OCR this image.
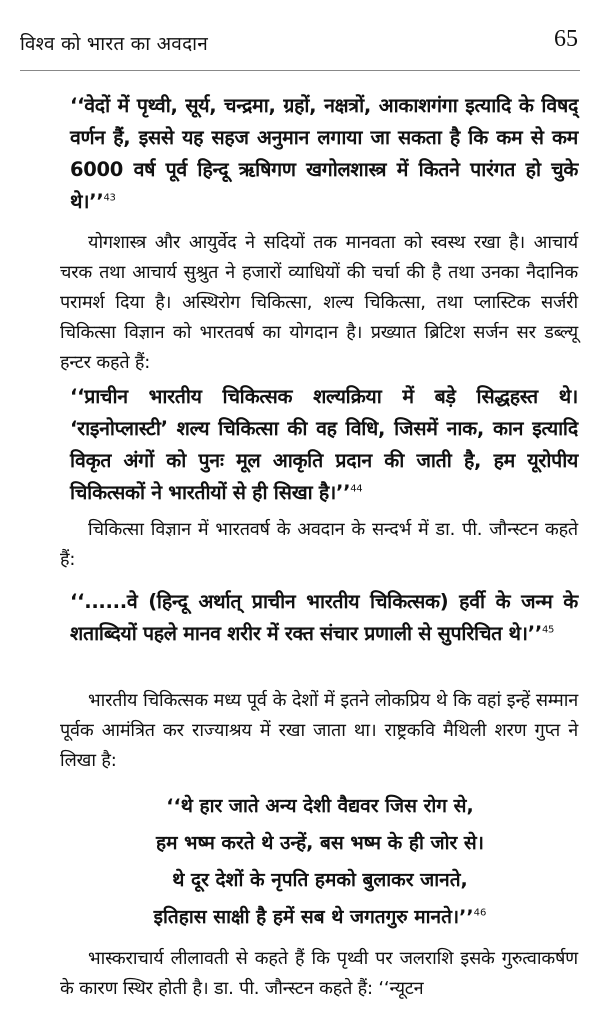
विश्व को भारत का अवदान	65

‘‘वेदों में पृथ्वी, सूर्य, चन्द्रमा, ग्रहों, नक्षत्रों, आकाशगंगा इत्यादि के विषद् वर्णन हैं, इससे यह सहज अनुमान लगाया जा सकता है कि कम से कम 6000 वर्ष पूर्व हिन्दू ऋषिगण खगोलशास्त्र में कितने पारंगत हो चुके थे।’’$^{43}$

योगशास्त्र और आयुर्वेद ने सदियों तक मानवता को स्वस्थ रखा है। आचार्य चरक तथा आचार्य सुश्रुत ने हजारों व्याधियों की चर्चा की है तथा उनका नैदानिक परामर्श दिया है। अस्थिरोग चिकित्सा, शल्य चिकित्सा, तथा प्लास्टिक सर्जरी चिकित्सा विज्ञान को भारतवर्ष का योगदान है। प्रख्यात ब्रिटिश सर्जन सर डब्ल्यू हन्टर कहते हैं:

‘‘प्राचीन भारतीय चिकित्सक शल्यक्रिया में बड़े सिद्धहस्त थे। ‘राइनोप्लास्टी’ शल्य चिकित्सा की वह विधि, जिसमें नाक, कान इत्यादि विकृत अंगों को पुनः मूल आकृति प्रदान की जाती है, हम यूरोपीय चिकित्सकों ने भारतीयों से ही सिखा है।’’$^{44}$

चिकित्सा विज्ञान में भारतवर्ष के अवदान के सन्दर्भ में डा. पी. जौन्स्टन कहते हैं:

‘‘......वे (हिन्दू अर्थात् प्राचीन भारतीय चिकित्सक) हर्वी के जन्म के शताब्दियों पहले मानव शरीर में रक्त संचार प्रणाली से सुपरिचित थे।’’$^{45}$

भारतीय चिकित्सक मध्य पूर्व के देशों में इतने लोकप्रिय थे कि वहां इन्हें सम्मान पूर्वक आमंत्रित कर राज्याश्रय में रखा जाता था। राष्ट्रकवि मैथिली शरण गुप्त ने लिखा है:

‘‘थे हार जाते अन्य देशी वैद्यवर जिस रोग से,
हम भष्म करते थे उन्हें, बस भष्म के ही जोर से।
थे दूर देशों के नृपति हमको बुलाकर जानते,
इतिहास साक्षी है हमें सब थे जगतगुरु मानते।’’$^{46}$

भास्कराचार्य लीलावती से कहते हैं कि पृथ्वी पर जलराशि इसके गुरुत्वाकर्षण के कारण स्थिर होती है। डा. पी. जौन्स्टन कहते हैं: ‘‘न्यूटन
